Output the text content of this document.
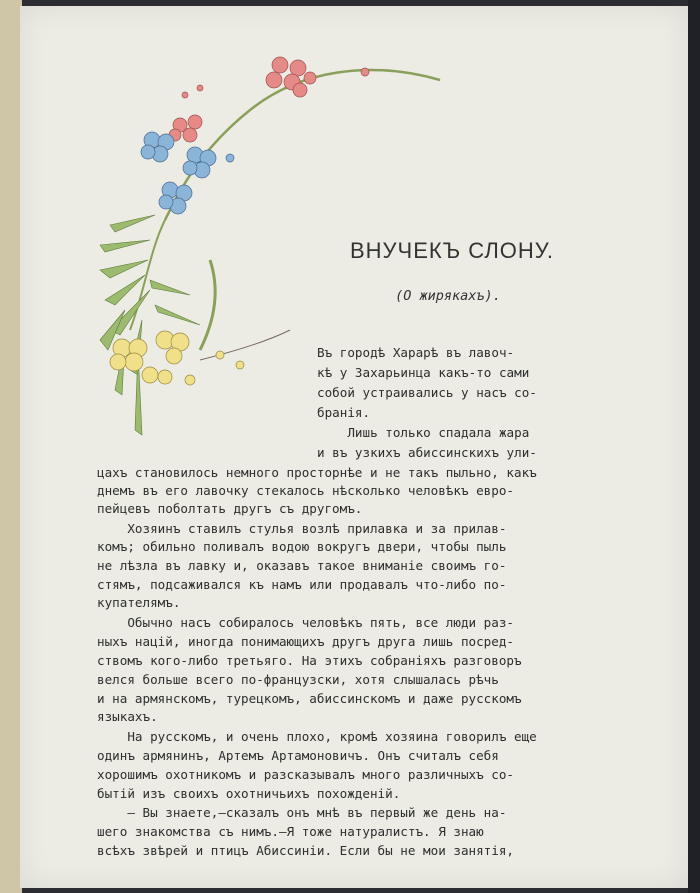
ВНУЧЕКЪ СЛОНУ.
(О жирякахъ).
Въ городѣ Харарѣ въ лавоч-
кѣ у Захарьинца какъ-то сами
собой устраивались у насъ со-
бранія.
Лишь только спадала жара
и въ узкихъ абиссинскихъ ули-
цахъ становилось немного просторнѣе и не такъ пыльно, какъ
днемъ въ его лавочку стекалось нѣсколько человѣкъ евро-
пейцевъ поболтать другъ съ другомъ.
Хозяинъ ставилъ стулья возлѣ прилавка и за прилав-
комъ; обильно поливалъ водою вокругъ двери, чтобы пыль
не лѣзла въ лавку и, оказавъ такое вниманіе своимъ го-
стямъ, подсаживался къ намъ или продавалъ что-либо по-
купателямъ.
Обычно насъ собиралось человѣкъ пять, все люди раз-
ныхъ націй, иногда понимающихъ другъ друга лишь посред-
ствомъ кого-либо третьяго. На этихъ собраніяхъ разговоръ
велся больше всего по-французски, хотя слышалась рѣчь
и на армянскомъ, турецкомъ, абиссинскомъ и даже русскомъ
языкахъ.
На русскомъ, и очень плохо, кромѣ хозяина говорилъ еще
одинъ армянинъ, Артемъ Артамоновичъ. Онъ считалъ себя
хорошимъ охотникомъ и разсказывалъ много различныхъ со-
бытій изъ своихъ охотничьихъ похожденій.
— Вы знаете,—сказалъ онъ мнѣ въ первый же день на-
шего знакомства съ нимъ.—Я тоже натуралистъ. Я знаю
всѣхъ звѣрей и птицъ Абиссиніи. Если бы не мои занятія,
